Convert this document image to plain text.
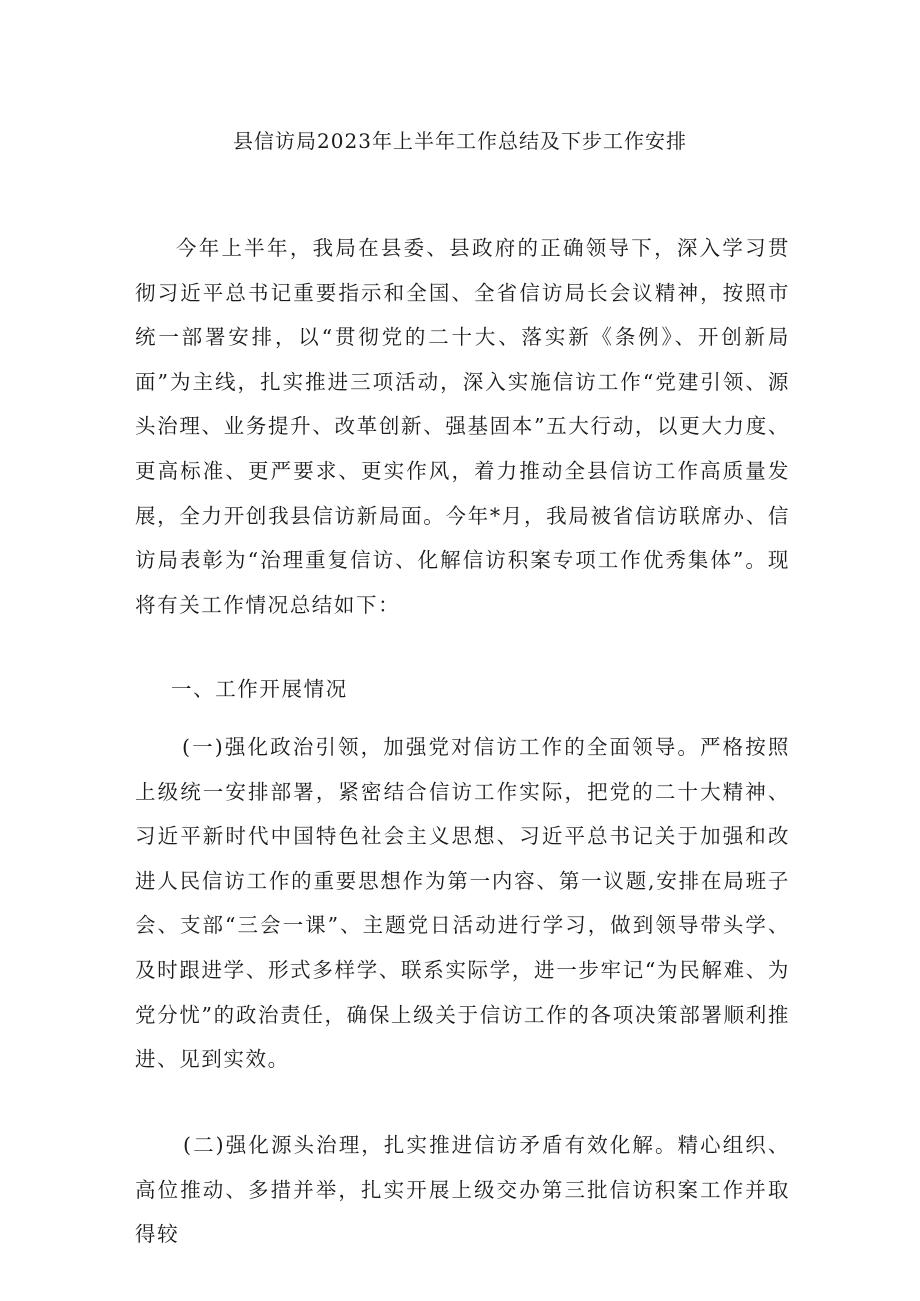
县信访局2023年上半年工作总结及下步工作安排

今年上半年，我局在县委、县政府的正确领导下，深入学习贯彻习近平总书记重要指示和全国、全省信访局长会议精神，按照市统一部署安排，以“贯彻党的二十大、落实新《条例》、开创新局面”为主线，扎实推进三项活动，深入实施信访工作“党建引领、源头治理、业务提升、改革创新、强基固本”五大行动，以更大力度、更高标准、更严要求、更实作风，着力推动全县信访工作高质量发展，全力开创我县信访新局面。今年*月，我局被省信访联席办、信访局表彰为“治理重复信访、化解信访积案专项工作优秀集体”。现将有关工作情况总结如下：

一、工作开展情况

(一)强化政治引领，加强党对信访工作的全面领导。严格按照上级统一安排部署，紧密结合信访工作实际，把党的二十大精神、习近平新时代中国特色社会主义思想、习近平总书记关于加强和改进人民信访工作的重要思想作为第一内容、第一议题,安排在局班子会、支部“三会一课”、主题党日活动进行学习，做到领导带头学、及时跟进学、形式多样学、联系实际学，进一步牢记“为民解难、为党分忧”的政治责任，确保上级关于信访工作的各项决策部署顺利推进、见到实效。

(二)强化源头治理，扎实推进信访矛盾有效化解。精心组织、高位推动、多措并举，扎实开展上级交办第三批信访积案工作并取得较
